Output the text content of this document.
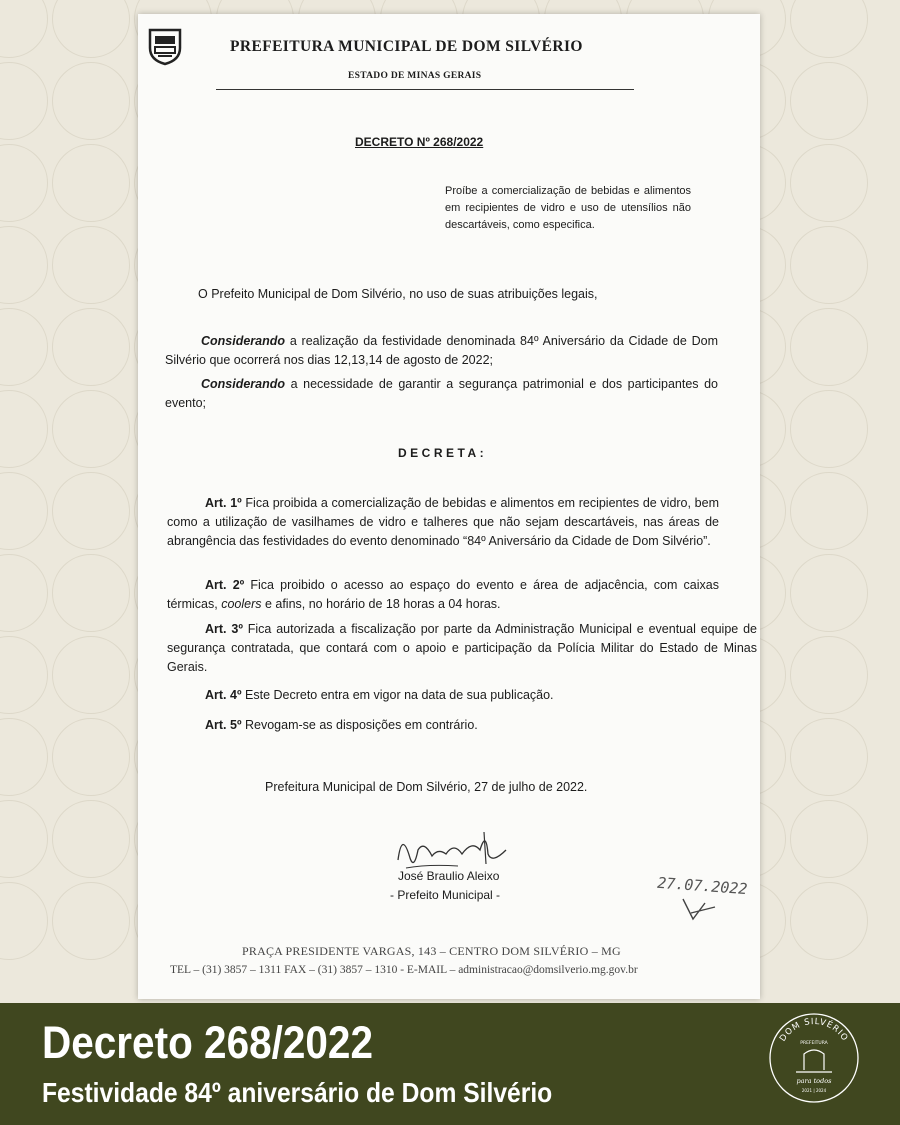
PREFEITURA MUNICIPAL DE DOM SILVÉRIO
ESTADO DE MINAS GERAIS
DECRETO Nº 268/2022
Proíbe a comercialização de bebidas e alimentos em recipientes de vidro e uso de utensílios não descartáveis, como especifica.
O Prefeito Municipal de Dom Silvério, no uso de suas atribuições legais,
Considerando a realização da festividade denominada 84º Aniversário da Cidade de Dom Silvério que ocorrerá nos dias 12,13,14 de agosto de 2022;
Considerando a necessidade de garantir a segurança patrimonial e dos participantes do evento;
DECRETA:
Art. 1º Fica proibida a comercialização de bebidas e alimentos em recipientes de vidro, bem como a utilização de vasilhames de vidro e talheres que não sejam descartáveis, nas áreas de abrangência das festividades do evento denominado “84º Aniversário da Cidade de Dom Silvério”.
Art. 2º Fica proibido o acesso ao espaço do evento e área de adjacência, com caixas térmicas, coolers e afins, no horário de 18 horas a 04 horas.
Art. 3º Fica autorizada a fiscalização por parte da Administração Municipal e eventual equipe de segurança contratada, que contará com o apoio e participação da Polícia Militar do Estado de Minas Gerais.
Art. 4º Este Decreto entra em vigor na data de sua publicação.
Art. 5º Revogam-se as disposições em contrário.
Prefeitura Municipal de Dom Silvério, 27 de julho de 2022.
José Braulio Aleixo
- Prefeito Municipal -	27.07.2022
PRAÇA PRESIDENTE VARGAS, 143 – CENTRO DOM SILVÉRIO – MG
TEL – (31) 3857 – 1311 FAX – (31) 3857 – 1310 - E-MAIL – administracao@domsilverio.mg.gov.br
Decreto 268/2022
Festividade 84º aniversário de Dom Silvério
DOM SILVÉRIO
PREFEITURA
para todos
2021 | 2024
